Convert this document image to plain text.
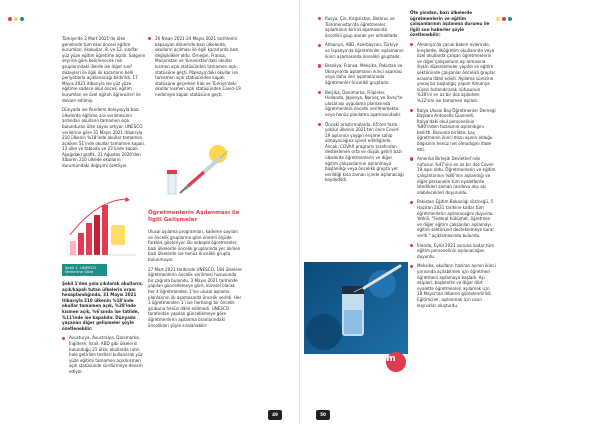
Türkiye'de 2 Mart 2021'de ülke genelinde tüm okul öncesi eğitim kurumları, ilkokullar, 8. ve 12. sınıflar yüz yüze eğitim öğretime açıldı. Salgının seyrine göre belirlenecek risk gruplarındaki illerde ise diğer sınıf düzeyleri ile ilgili iki kararların belli periyotlarla açıklanacağı bildirildi. 17 Mayıs 2021 itibarıyla ise yüz yüze eğitime sadece okul öncesi eğitim kurumları ve özel eğitim öğrencileri ile devam edilmiş.

Dünyada ise Pandemi dolayısıyla bazı ülkelerde eğitime ara verilmesinin ardından okulların tamamen açık bulunduran ülke sayısı artıyor. UNESCO verilerine göre 31 Mayıs 2021 itibarıyla 210 ülkenin %18'inde okullar tamamen açıkken 51'inde okullar tamamen kapalı. 13 ülke ve tabloda ve 23'ünde kapalı. Aşağıdaki grafik, 31 Ağustos 2020'den itibaren 210 ülkede okulların durumundaki değişimi özetliyor.

Şekil 1. UNESCO Verilerine Göre Okulların Durumu

Şekil 1'den yola çıkılarak okulların; açık/kapalı tutan ülkelerin oranı hesaplandığında, 31 Mayıs 2021 itibarıyla 210 ülkenin %18'inde okullar tamamen açık, %28'inde kısmen açık, %6'sında ise tatilde, %11'inde ise kapalıdır. Dünyada yaşanan diğer gelişmeler şöyle özetlenebilir:

Avusturya, Avustralya, Danimarka, İngiltere, İsrail, ABD gibi ülkelerin bulunduğu 21 ülke, okullarda rutin hale getirilen testleri kullanarak yüz yüze eğitimi tamamen açık/kısmen açık statüsünde sürdürmeye devam ediyor.
26 Nisan 2021-24 Mayıs 2021 tarihlerini kapsayan dönemde bazı ülkelerde, okulların açılması ile ilgili kararlarda bazı değişiklikler oldu. Örneğin, Fransa, Macaristan ve Yunanistan'daki okullar kısmen açık statüsünden tamamen açık statüsüne geçti. Malezya'daki okullar ise tamamen açık statüsünden kapalı statüsüne geçerken Irak ve Türkiye'deki okullar kısmen açık statüsünden Covid-19 nedeniyle kapalı statüsüne geçti.
Öğretmenlerin Aşılanması ile İlgili Gelişmeler

Ulusal aşılama programları, kademe sayıları ve öncelik gruplarına göre önemli ölçüde farklılık gösteriyor. Bu sebeple öğretmenler, bazı ülkelerde öncelik gruplarında yer alırken bazı ülkelerde ise henüz öncelikli grupta bulunmuyor.

27 Mart 2021 tarihinde UNESCO, 184 ülkelere öğretmenlerin öncelik verilmesi hususunda bir çağrıda bulundu. 3 Mayıs 2021 tarihinde yapılan güncellemeye göre, küresel olarak her 4 öğretmenden 1'ine ulusal aşılama planlarının ilk aşamasında öncelik verildi. Her 3 öğretmenden 1'i ise herhangi bir öncelik grubuna henüz dâhil edilmedi. UNESCO tarafından yapılan güncellemeye göre öğretmenlerin aşılanma oranlarındaki öncelikleri şöyle sıralanabilir:

49
Rusya, Çin, Kırgızistan, Belarus ve Türkmenistan'da öğretmenler aşılamanın birinci aşamasında öncelikli grup olarak yer almaktadır.
Almanya, ABD, Azerbaycan, Türkiye ve İspanya'da öğretmenler aşılamanın ikinci aşamasında öncelikli gruptadır.
Brezilya, Fransa, Meksika, Pakistan ve Ukrayna'da aşılamanın ikinci aşaması veya daha ileri aşamalarında öğretmenler öncelikli gruptadır.
Belçika, Danimarka, Filipinler, Hollanda, Japonya, Norveç ve İsveç'te ulusal aşı uygulama planlarında öğretmenlere öncelik verilmemekte veya henüz planlama aşamasındadır.
Önceki araştırmalarda, 65'ten fazla yoksul ülkenin 2021'ten önce Covid-19 aşılarına yaygın erişime sahip olmayacağına işaret edildiğinde, Ancak, COVAX programı tarafından desteklenen orta ve düşük gelirli bazı ülkelerde öğretmenlerin ve diğer eğitim çalışanlarının aşılanmaya başlandığı veya öncelikli grupta yer verildiği kısa zaman içinde aşılanacağı kaydedildi.

Öte yandan, bazı ülkelerde öğretmenlerin ve eğitim çalışanlarının aşılanma durumu ile ilgili son haberler şöyle özetlenebilir:

Almanya'da çocuk bakım evlerinde, kreşlerde, ilköğretim okullarında veya özel okullarda çalışan öğretmenlerin ve diğer çalışanların aşı olmasına ilişkin düzenlemeler yapıldı ve eğitim sektöründe çalışanlar öncelikli gruplar arasına dâhil edildi. Aşılama sürecine yavaş bir başlangıç yapan Almanya süreci hızlandırarak nüfusunun %38'ini en az bir doz aşılarken %12'sini ise tamamen aşıladı.
İtalya Ulusal Baş Öğretmenler Derneği Başkanı Antonello Giannelli, İtalya'daki okul personelinin %80'inden fazlasının aşılandığını belirtti. Bununla birlikte, kaç öğretmenin ikinci dozu aşının olduğu bilgisinin henüz net olmadığını ifade etti.
Amerika Birleşik Devletleri'nde nüfusun %47'sini en az bir doz Covid-19 aşısı oldu. Öğretmenlerin ve eğitim çalışanlarının %80'inin aşılandığı ve diğer personelin tüm eyaletlerde istedikleri zaman randevu alıp aşı olabilecekleri duyuruldu.
Pakistan Eğitim Bakanlığı söz/ceğü, 5 Haziran 2021 tarihine kadar tüm öğretmenlerin aşılanacağını duyurdu. Yetkili, "Federal hükümet, öğretmen ve diğer eğitim çalışanları aşılamayı eğitim sektöründ desteklemeye karar verdi." açıklamasında bulundu.
İrlanda, Eylül 2021 sonuna kadar tüm eğitim personelinin aşılanacağını duyurdu.
Meksika, okulların haziran ayının ikinci yarısında açılabilmek için öğretmen öğretmeni aşılamaya başladı. Aşı ekipleri, başkentte ve diğer dört eyalette öğretmenleri aşılamak için 18 Mayıs'tan itibaren görevlendirildi. Eğitimciler, aşılanmak için uzun kuyruklar oluşturdu.
tedmem
50
